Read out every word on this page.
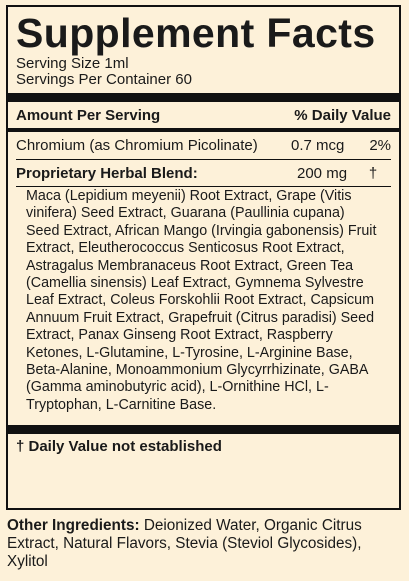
Supplement Facts
Serving Size 1ml
Servings Per Container 60
Amount Per Serving	% Daily Value
Chromium (as Chromium Picolinate)	0.7 mcg	2%
Proprietary Herbal Blend:	200 mg	†
Maca (Lepidium meyenii) Root Extract, Grape (Vitis vinifera) Seed Extract, Guarana (Paullinia cupana) Seed Extract, African Mango (Irvingia gabonensis) Fruit Extract, Eleutherococcus Senticosus Root Extract, Astragalus Membranaceus Root Extract, Green Tea (Camellia sinensis) Leaf Extract, Gymnema Sylvestre Leaf Extract, Coleus Forskohlii Root Extract, Capsicum Annuum Fruit Extract, Grapefruit (Citrus paradisi) Seed Extract, Panax Ginseng Root Extract, Raspberry Ketones, L-Glutamine, L-Tyrosine, L-Arginine Base, Beta-Alanine, Monoammonium Glycyrrhizinate, GABA (Gamma aminobutyric acid), L-Ornithine HCl, L-Tryptophan, L-Carnitine Base.
† Daily Value not established
Other Ingredients: Deionized Water, Organic Citrus Extract, Natural Flavors, Stevia (Steviol Glycosides), Xylitol
